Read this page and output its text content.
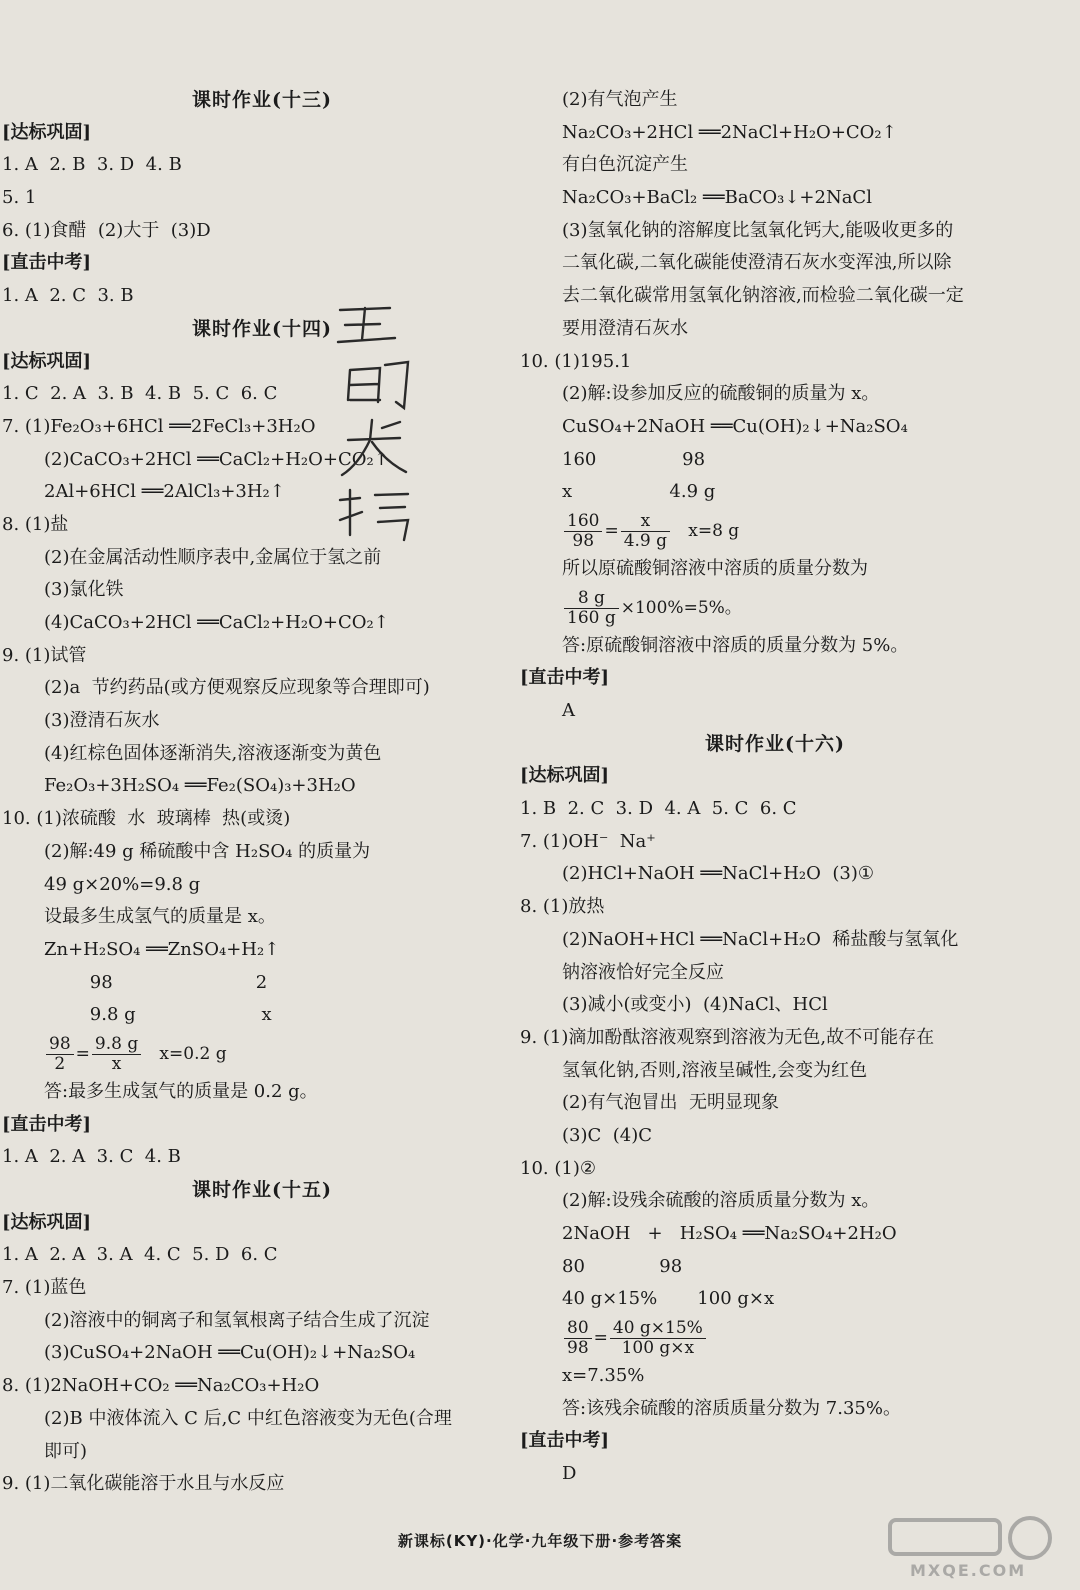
课时作业(十三)
[达标巩固]
1. A  2. B  3. D  4. B
5. 1
6. (1)食醋  (2)大于  (3)D
[直击中考]
1. A  2. C  3. B
课时作业(十四)
[达标巩固]
1. C  2. A  3. B  4. B  5. C  6. C
7. (1)Fe₂O₃+6HCl ══2FeCl₃+3H₂O
(2)CaCO₃+2HCl ══CaCl₂+H₂O+CO₂↑
2Al+6HCl ══2AlCl₃+3H₂↑
8. (1)盐
(2)在金属活动性顺序表中,金属位于氢之前
(3)氯化铁
(4)CaCO₃+2HCl ══CaCl₂+H₂O+CO₂↑
9. (1)试管
(2)a  节约药品(或方便观察反应现象等合理即可)
(3)澄清石灰水
(4)红棕色固体逐渐消失,溶液逐渐变为黄色
Fe₂O₃+3H₂SO₄ ══Fe₂(SO₄)₃+3H₂O
10. (1)浓硫酸  水  玻璃棒  热(或烫)
(2)解:49 g 稀硫酸中含 H₂SO₄ 的质量为
49 g×20%=9.8 g
设最多生成氢气的质量是 x。
Zn+H₂SO₄ ══ZnSO₄+H₂↑
98                         2
9.8 g                      x
$\frac{98}{2} = \frac{9.8 g}{x} x=0.2$ g
答:最多生成氢气的质量是 0.2 g。
[直击中考]
1. A  2. A  3. C  4. B
课时作业(十五)
[达标巩固]
1. A  2. A  3. A  4. C  5. D  6. C
7. (1)蓝色
(2)溶液中的铜离子和氢氧根离子结合生成了沉淀
(3)CuSO₄+2NaOH ══Cu(OH)₂↓+Na₂SO₄
8. (1)2NaOH+CO₂ ══Na₂CO₃+H₂O
(2)B 中液体流入 C 后,C 中红色溶液变为无色(合理
即可)
9. (1)二氧化碳能溶于水且与水反应
(2)有气泡产生
Na₂CO₃+2HCl ══2NaCl+H₂O+CO₂↑
有白色沉淀产生
Na₂CO₃+BaCl₂ ══BaCO₃↓+2NaCl
(3)氢氧化钠的溶解度比氢氧化钙大,能吸收更多的
二氧化碳,二氧化碳能使澄清石灰水变浑浊,所以除
去二氧化碳常用氢氧化钠溶液,而检验二氧化碳一定
要用澄清石灰水
10. (1)195.1
(2)解:设参加反应的硫酸铜的质量为 x。
CuSO₄+2NaOH ══Cu(OH)₂↓+Na₂SO₄
160               98
x                 4.9 g
$\frac{160}{98} = \frac{x}{4.9 g} x=8$ g
所以原硫酸铜溶液中溶质的质量分数为
$\frac{8 g}{160 g} \times 100\%=5\%$。
答:原硫酸铜溶液中溶质的质量分数为 5%。
[直击中考]
A
课时作业(十六)
[达标巩固]
1. B  2. C  3. D  4. A  5. C  6. C
7. (1)OH⁻  Na⁺
(2)HCl+NaOH ══NaCl+H₂O  (3)①
8. (1)放热
(2)NaOH+HCl ══NaCl+H₂O  稀盐酸与氢氧化
钠溶液恰好完全反应
(3)减小(或变小)  (4)NaCl、HCl
9. (1)滴加酚酞溶液观察到溶液为无色,故不可能存在
氢氧化钠,否则,溶液呈碱性,会变为红色
(2)有气泡冒出  无明显现象
(3)C  (4)C
10. (1)②
(2)解:设残余硫酸的溶质质量分数为 x。
2NaOH   +   H₂SO₄ ══Na₂SO₄+2H₂O
80             98
40 g×15%       100 g×x
$\frac{80}{98} = \frac{40 g\times 15\%}{100 g\times x}$
x=7.35%
答:该残余硫酸的溶质质量分数为 7.35%。
[直击中考]
D
新课标(KY)·化学·九年级下册·参考答案
MXQE.COM
